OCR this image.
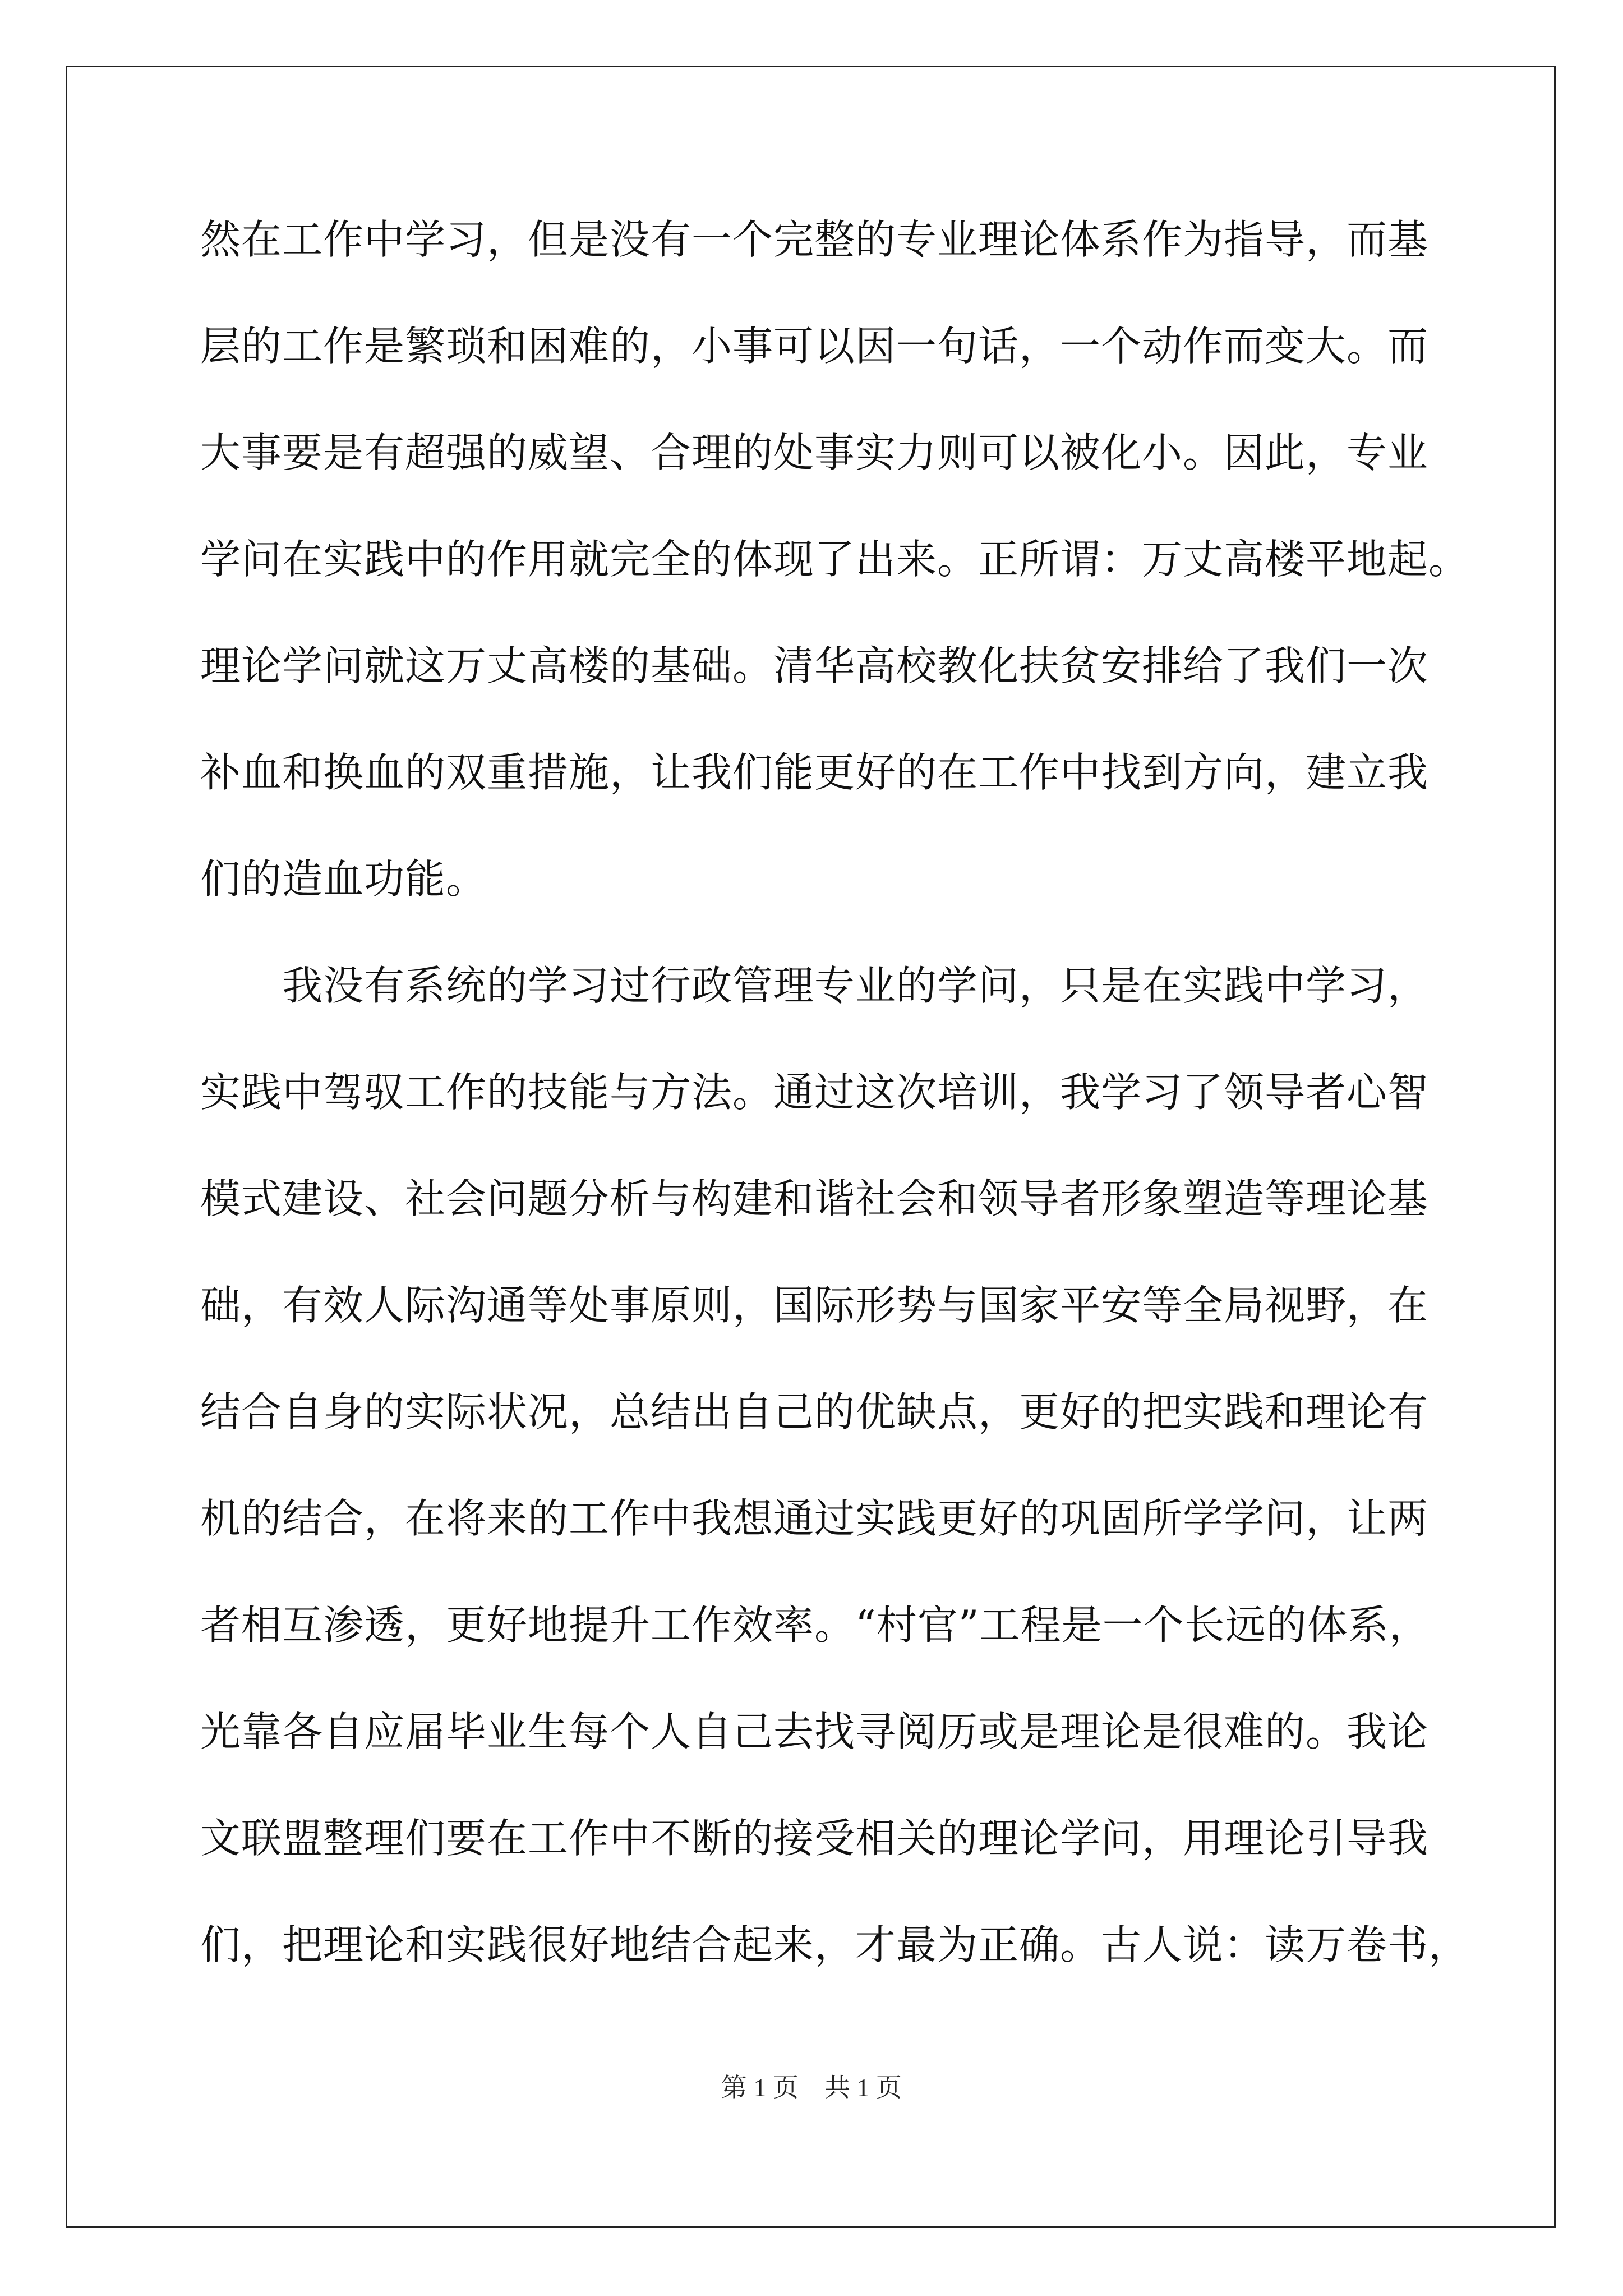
然在工作中学习，但是没有一个完整的专业理论体系作为指导，而基
层的工作是繁琐和困难的，小事可以因一句话，一个动作而变大。而
大事要是有超强的威望、合理的处事实力则可以被化小。因此，专业
学问在实践中的作用就完全的体现了出来。正所谓：万丈高楼平地起。
理论学问就这万丈高楼的基础。清华高校教化扶贫安排给了我们一次
补血和换血的双重措施，让我们能更好的在工作中找到方向，建立我
们的造血功能。
　　我没有系统的学习过行政管理专业的学问，只是在实践中学习，
实践中驾驭工作的技能与方法。通过这次培训，我学习了领导者心智
模式建设、社会问题分析与构建和谐社会和领导者形象塑造等理论基
础，有效人际沟通等处事原则，国际形势与国家平安等全局视野，在
结合自身的实际状况，总结出自己的优缺点，更好的把实践和理论有
机的结合，在将来的工作中我想通过实践更好的巩固所学学问，让两
者相互渗透，更好地提升工作效率。“村官”工程是一个长远的体系，
光靠各自应届毕业生每个人自己去找寻阅历或是理论是很难的。我论
文联盟整理们要在工作中不断的接受相关的理论学问，用理论引导我
们，把理论和实践很好地结合起来，才最为正确。古人说：读万卷书，
第 1 页　共 1 页
